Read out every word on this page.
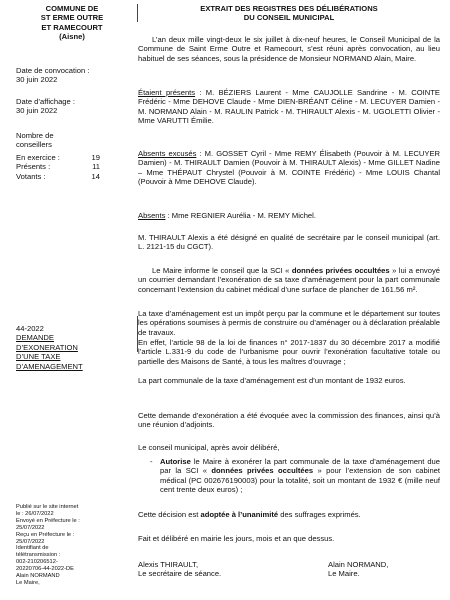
COMMUNE DE
ST ERME OUTRE
ET RAMECOURT
(Aisne)
Date de convocation :
30 juin 2022
Date d’affichage :
30 juin 2022
Nombre de
conseillers
En exercice :	19
Présents :	11
Votants :	14
44-2022
DEMANDE
D’EXONERATION
D’UNE TAXE
D’AMENAGEMENT
Publié sur le site internet
le : 26/07/2022
Envoyé en Préfecture le :
25/07/2022
Reçu en Préfecture le :
25/07/2022
Identifiant de
télétransmission :
002-210206512-
20220706-44-2022-DE
Alain NORMAND
Le Maire,
EXTRAIT DES REGISTRES DES DÉLIBÉRATIONS
DU CONSEIL MUNICIPAL
L’an deux mille vingt-deux le six juillet à dix-neuf heures, le Conseil Municipal de la Commune de Saint Erme Outre et Ramecourt, s’est réuni après convocation, au lieu habituel de ses séances, sous la présidence de Monsieur NORMAND Alain, Maire.
Étaient présents : M. BÉZIERS Laurent - Mme CAUJOLLE Sandrine - M. COINTE Frédéric - Mme DEHOVE Claude - Mme DIEN-BRÉANT Céline - M. LECUYER Damien - M. NORMAND Alain - M. RAULIN Patrick - M. THIRAULT Alexis - M. UGOLETTI Olivier - Mme VARUTTI Émilie.
Absents excusés : M. GOSSET Cyril - Mme REMY Élisabeth (Pouvoir à M. LECUYER Damien) - M. THIRAULT Damien (Pouvoir à M. THIRAULT Alexis) - Mme GILLET Nadine – Mme THÉPAUT Chrystel (Pouvoir à M. COINTE Frédéric) - Mme LOUIS Chantal (Pouvoir à Mme DEHOVE Claude).
Absents : Mme REGNIER Aurélia - M. REMY Michel.
M. THIRAULT Alexis a été désigné en qualité de secrétaire par le conseil municipal (art. L. 2121-15 du CGCT).
Le Maire informe le conseil que la SCI « données privées occultées » lui a envoyé un courrier demandant l’exonération de sa taxe d’aménagement pour la part communale concernant l’extension du cabinet médical d’une surface de plancher de 161.56 m².
La taxe d’aménagement est un impôt perçu par la commune et le département sur toutes les opérations soumises à permis de construire ou d’aménager ou à déclaration préalable de travaux.
En effet, l’article 98 de la loi de finances n° 2017-1837 du 30 décembre 2017 a modifié l’article L.331-9 du code de l’urbanisme pour ouvrir l’exonération facultative totale ou partielle des Maisons de Santé, à tous les maîtres d’ouvrage ;
La part communale de la taxe d’aménagement est d’un montant de 1932 euros.
Cette demande d’exonération a été évoquée avec la commission des finances, ainsi qu’à une réunion d’adjoints.
Le conseil municipal, après avoir délibéré,
- Autorise le Maire à exonérer la part communale de la taxe d’aménagement due par la SCI « données privées occultées » pour l’extension de son cabinet médical (PC 002676190003) pour la totalité, soit un montant de 1932 € (mille neuf cent trente deux euros) ;
Cette décision est adoptée à l’unanimité des suffrages exprimés.
Fait et délibéré en mairie les jours, mois et an que dessus.
Alexis THIRAULT,
Le secrétaire de séance.
Alain NORMAND,
Le Maire.
